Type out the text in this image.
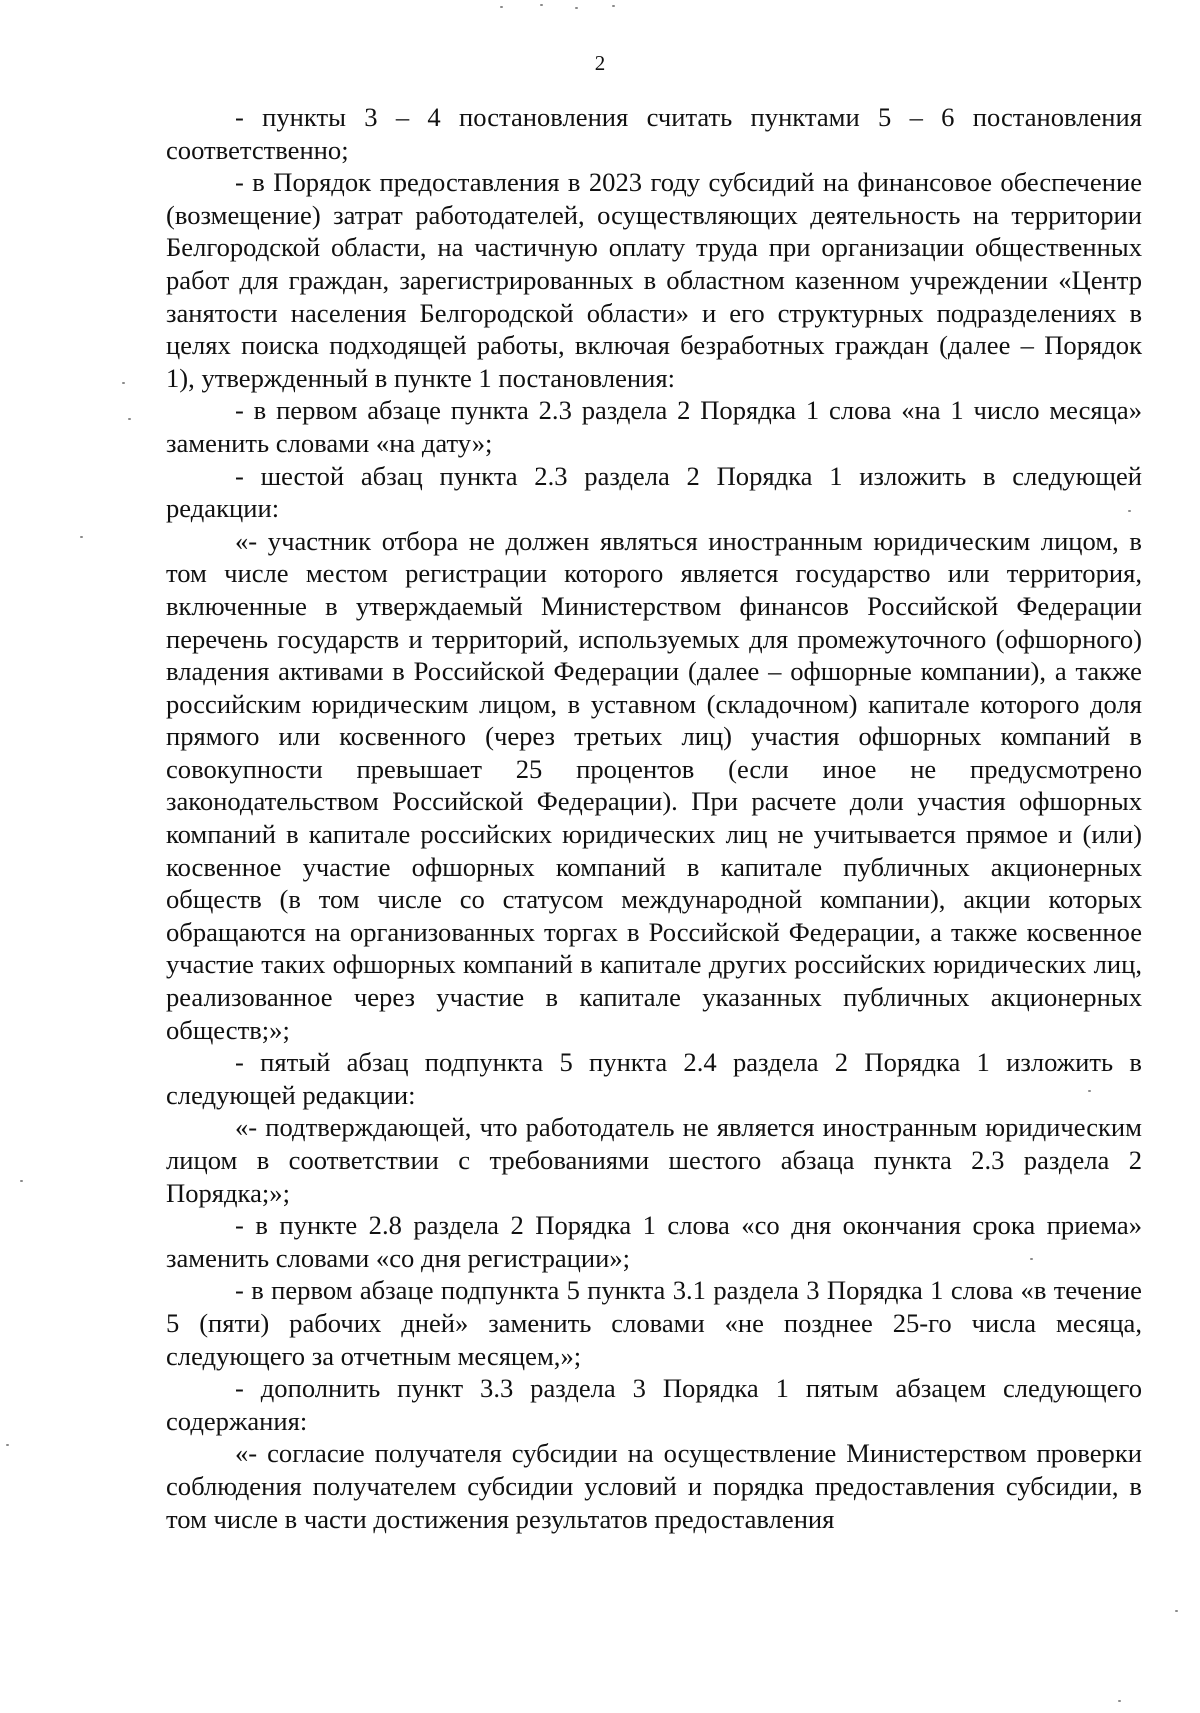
2

- пункты 3 – 4 постановления считать пунктами 5 – 6 постановления соответственно;

- в Порядок предоставления в 2023 году субсидий на финансовое обеспечение (возмещение) затрат работодателей, осуществляющих деятельность на территории Белгородской области, на частичную оплату труда при организации общественных работ для граждан, зарегистрированных в областном казенном учреждении «Центр занятости населения Белгородской области» и его структурных подразделениях в целях поиска подходящей работы, включая безработных граждан (далее – Порядок 1), утвержденный в пункте 1 постановления:

- в первом абзаце пункта 2.3 раздела 2 Порядка 1 слова «на 1 число месяца» заменить словами «на дату»;

- шестой абзац пункта 2.3 раздела 2 Порядка 1 изложить в следующей редакции:

«- участник отбора не должен являться иностранным юридическим лицом, в том числе местом регистрации которого является государство или территория, включенные в утверждаемый Министерством финансов Российской Федерации перечень государств и территорий, используемых для промежуточного (офшорного) владения активами в Российской Федерации (далее – офшорные компании), а также российским юридическим лицом, в уставном (складочном) капитале которого доля прямого или косвенного (через третьих лиц) участия офшорных компаний в совокупности превышает 25 процентов (если иное не предусмотрено законодательством Российской Федерации). При расчете доли участия офшорных компаний в капитале российских юридических лиц не учитывается прямое и (или) косвенное участие офшорных компаний в капитале публичных акционерных обществ (в том числе со статусом международной компании), акции которых обращаются на организованных торгах в Российской Федерации, а также косвенное участие таких офшорных компаний в капитале других российских юридических лиц, реализованное через участие в капитале указанных публичных акционерных обществ;»;

- пятый абзац подпункта 5 пункта 2.4 раздела 2 Порядка 1 изложить в следующей редакции:

«- подтверждающей, что работодатель не является иностранным юридическим лицом в соответствии с требованиями шестого абзаца пункта 2.3 раздела 2 Порядка;»;

- в пункте 2.8 раздела 2 Порядка 1 слова «со дня окончания срока приема» заменить словами «со дня регистрации»;

- в первом абзаце подпункта 5 пункта 3.1 раздела 3 Порядка 1 слова «в течение 5 (пяти) рабочих дней» заменить словами «не позднее 25-го числа месяца, следующего за отчетным месяцем,»;

- дополнить пункт 3.3 раздела 3 Порядка 1 пятым абзацем следующего содержания:

«- согласие получателя субсидии на осуществление Министерством проверки соблюдения получателем субсидии условий и порядка предоставления субсидии, в том числе в части достижения результатов предоставления
